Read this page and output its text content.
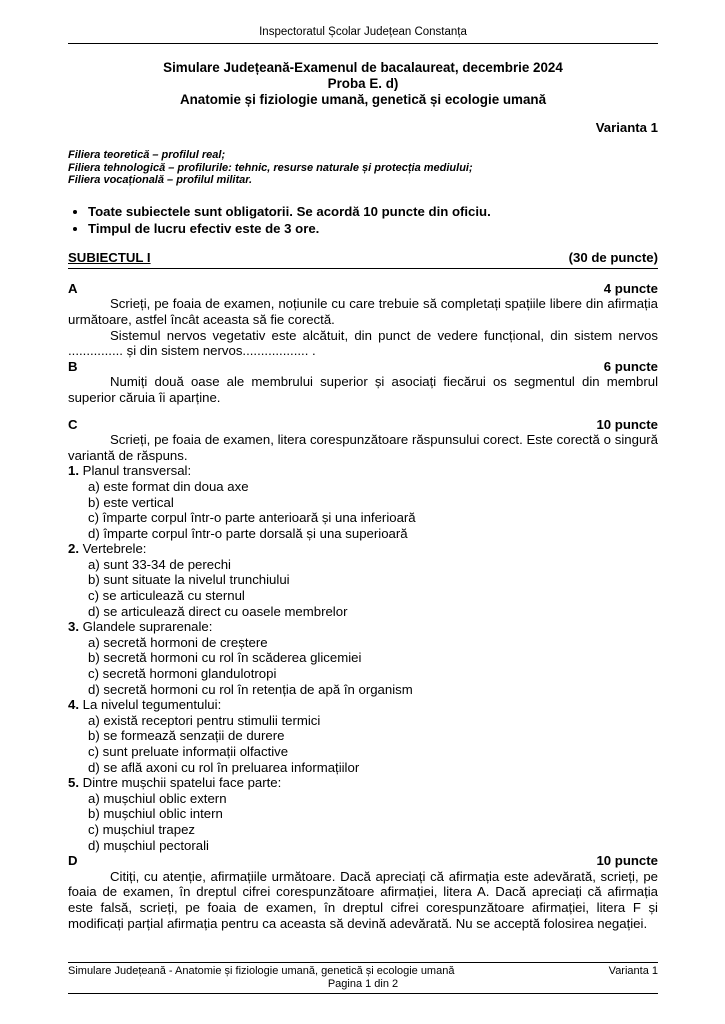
Inspectoratul Școlar Județean Constanța
Simulare Județeană-Examenul de bacalaureat, decembrie 2024
Proba E. d)
Anatomie și fiziologie umană, genetică și ecologie umană
Varianta 1
Filiera teoretică – profilul real;
Filiera tehnologică – profilurile: tehnic, resurse naturale și protecția mediului;
Filiera vocațională – profilul militar.
• Toate subiectele sunt obligatorii. Se acordă 10 puncte din oficiu.
• Timpul de lucru efectiv este de 3 ore.
SUBIECTUL I	(30 de puncte)
A	4 puncte

Scrieți, pe foaia de examen, noțiunile cu care trebuie să completați spațiile libere din afirmația următoare, astfel încât aceasta să fie corectă.

Sistemul nervos vegetativ este alcătuit, din punct de vedere funcțional, din sistem nervos ............... și din sistem nervos.................. .

B	6 puncte

Numiți două oase ale membrului superior și asociați fiecărui os segmentul din membrul superior căruia îi aparține.

C	10 puncte

Scrieți, pe foaia de examen, litera corespunzătoare răspunsului corect. Este corectă o singură variantă de răspuns.

1. Planul transversal:
a) este format din doua axe
b) este vertical
c) împarte corpul într-o parte anterioară și una inferioară
d) împarte corpul într-o parte dorsală și una superioară
2. Vertebrele:
a) sunt 33-34 de perechi
b) sunt situate la nivelul trunchiului
c) se articulează cu sternul
d) se articulează direct cu oasele membrelor
3. Glandele suprarenale:
a) secretă hormoni de creștere
b) secretă hormoni cu rol în scăderea glicemiei
c) secretă hormoni glandulotropi
d) secretă hormoni cu rol în retenția de apă în organism
4. La nivelul tegumentului:
a) există receptori pentru stimulii termici
b) se formează senzații de durere
c) sunt preluate informații olfactive
d) se află axoni cu rol în preluarea informațiilor
5. Dintre mușchii spatelui face parte:
a) mușchiul oblic extern
b) mușchiul oblic intern
c) mușchiul trapez
d) mușchiul pectorali
D	10 puncte

Citiți, cu atenție, afirmațiile următoare. Dacă apreciați că afirmația este adevărată, scrieți, pe foaia de examen, în dreptul cifrei corespunzătoare afirmației, litera A. Dacă apreciați că afirmația este falsă, scrieți, pe foaia de examen, în dreptul cifrei corespunzătoare afirmației, litera F și modificați parțial afirmația pentru ca aceasta să devină adevărată. Nu se acceptă folosirea negației.

Simulare Județeană - Anatomie și fiziologie umană, genetică și ecologie umană	Varianta 1
Pagina 1 din 2
